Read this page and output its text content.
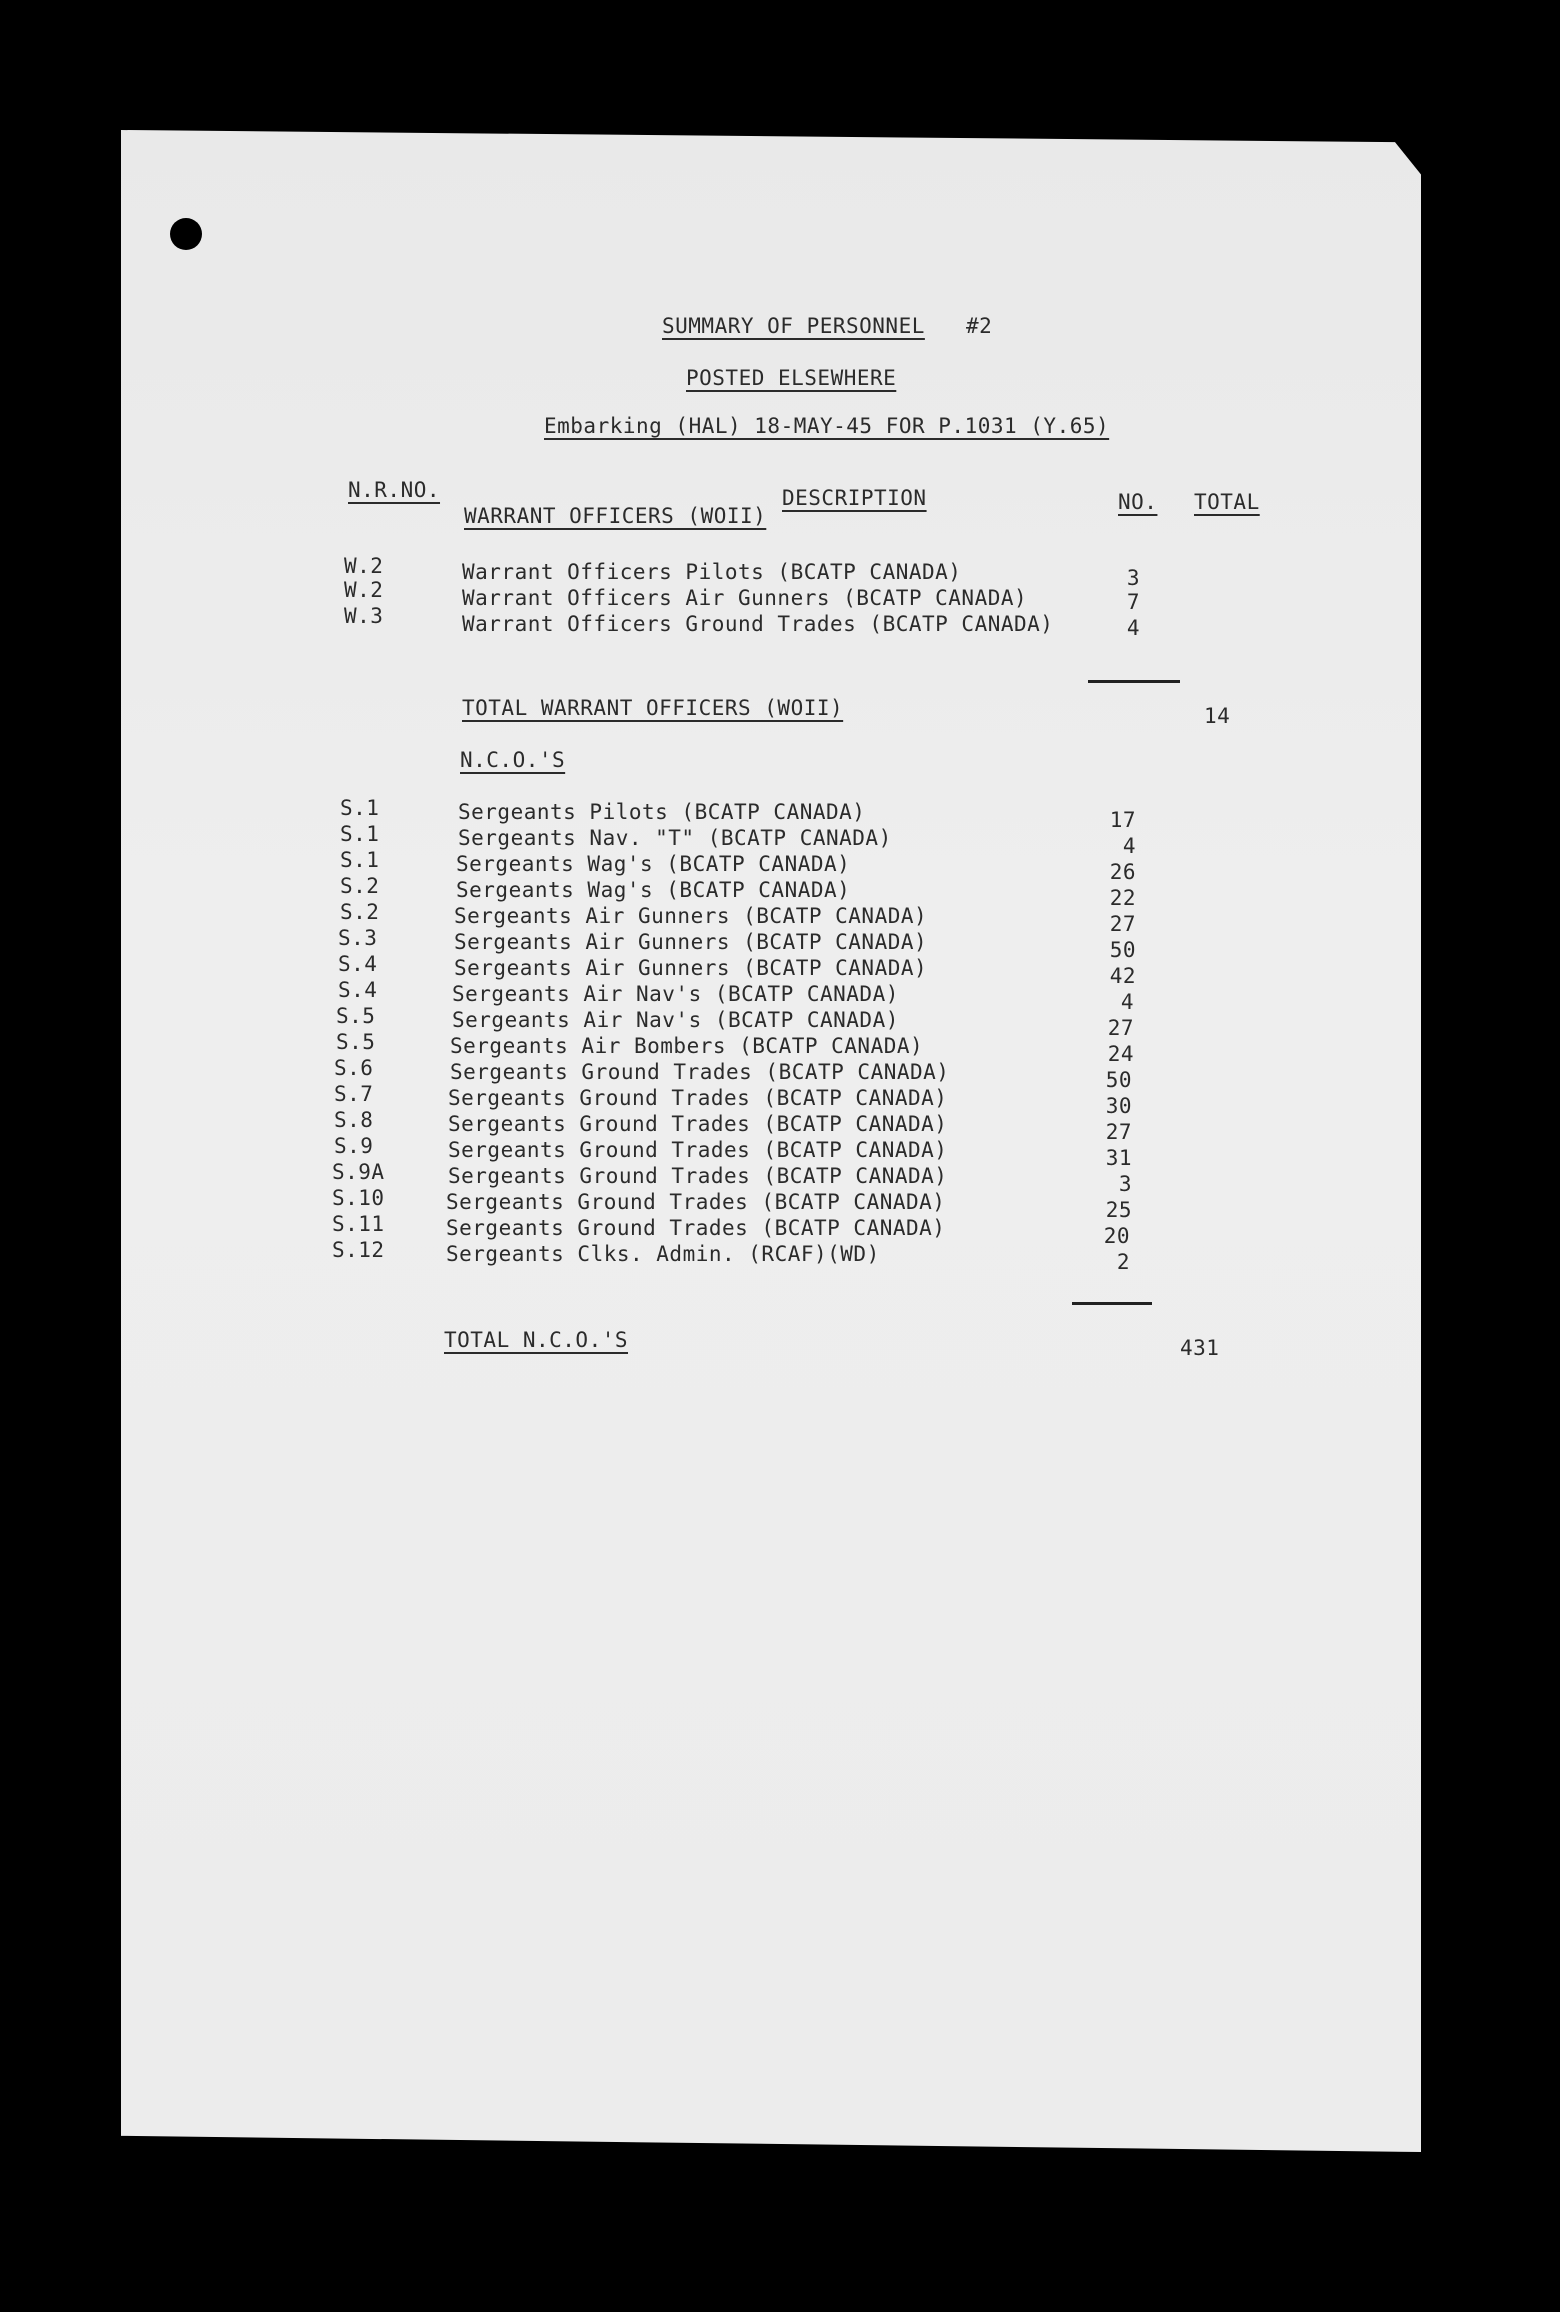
SUMMARY OF PERSONNEL #2
POSTED ELSEWHERE
Embarking (HAL) 18-MAY-45 FOR P.1031 (Y.65)
N.R.NO.	DESCRIPTION	NO. TOTAL
WARRANT OFFICERS (WOII)
W.2	Warrant Officers Pilots (BCATP CANADA)	3
W.2	Warrant Officers Air Gunners (BCATP CANADA)	7
W.3	Warrant Officers Ground Trades (BCATP CANADA)	4
TOTAL WARRANT OFFICERS (WOII)	14
N.C.O.'S
S.1	Sergeants Pilots (BCATP CANADA)	17
S.1	Sergeants Nav. "T" (BCATP CANADA)	4
S.1	Sergeants Wag's (BCATP CANADA)	26
S.2	Sergeants Wag's (BCATP CANADA)	22
S.2	Sergeants Air Gunners (BCATP CANADA)	27
S.3	Sergeants Air Gunners (BCATP CANADA)	50
S.4	Sergeants Air Gunners (BCATP CANADA)	42
S.4	Sergeants Air Nav's (BCATP CANADA)	4
S.5	Sergeants Air Nav's (BCATP CANADA)	27
S.5	Sergeants Air Bombers (BCATP CANADA)	24
S.6	Sergeants Ground Trades (BCATP CANADA)	50
S.7	Sergeants Ground Trades (BCATP CANADA)	30
S.8	Sergeants Ground Trades (BCATP CANADA)	27
S.9	Sergeants Ground Trades (BCATP CANADA)	31
S.9A	Sergeants Ground Trades (BCATP CANADA)	3
S.10	Sergeants Ground Trades (BCATP CANADA)	25
S.11	Sergeants Ground Trades (BCATP CANADA)	20
S.12	Sergeants Clks. Admin. (RCAF)(WD)	2
TOTAL N.C.O.'S	431
